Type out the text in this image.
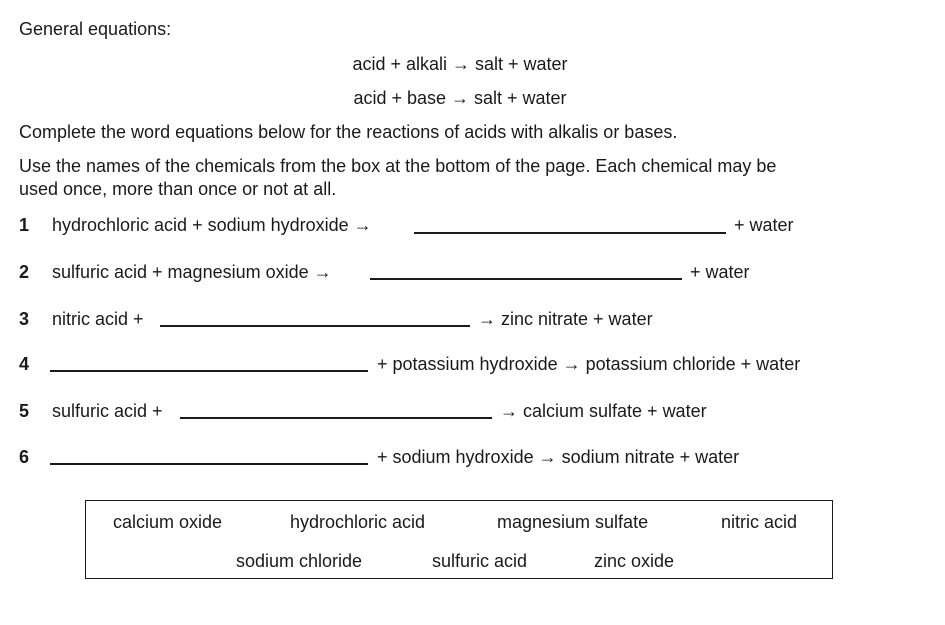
General equations:
acid + alkali → salt + water
acid + base → salt + water
Complete the word equations below for the reactions of acids with alkalis or bases.
Use the names of the chemicals from the box at the bottom of the page. Each chemical may be
used once, more than once or not at all.
1 hydrochloric acid + sodium hydroxide →	+ water
2 sulfuric acid + magnesium oxide →	+ water
3 nitric acid +	→ zinc nitrate + water
4	+ potassium hydroxide → potassium chloride + water
5 sulfuric acid +	→ calcium sulfate + water
6	+ sodium hydroxide → sodium nitrate + water
calcium oxide	hydrochloric acid	magnesium sulfate	nitric acid
sodium chloride	sulfuric acid	zinc oxide
